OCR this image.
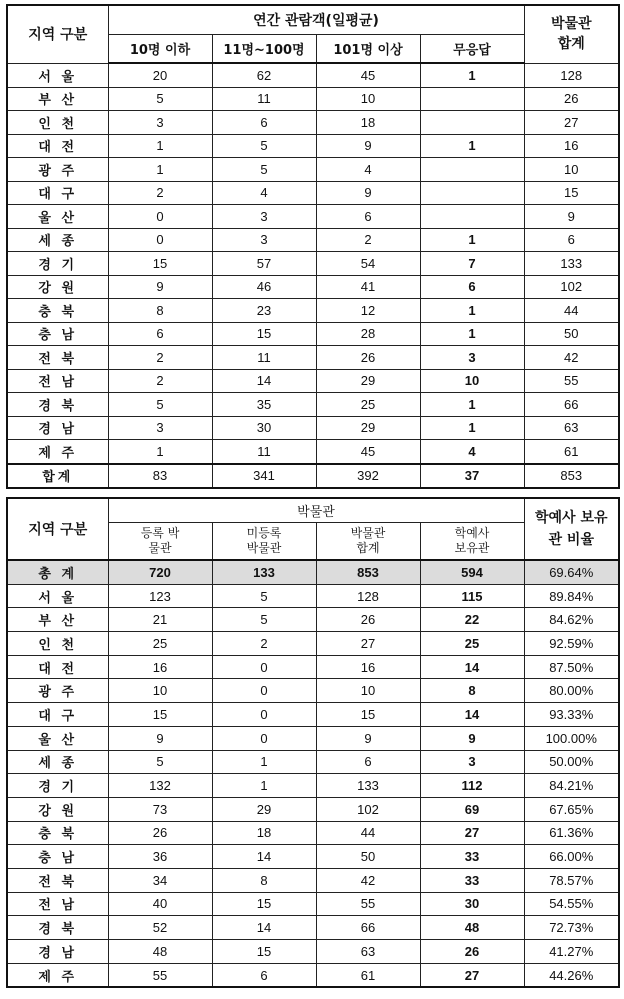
지역 구분	연간 관람객(일평균)				박물관 합계
	10명 이하	11명~100명	101명 이상	무응답	
서 울	20	62	45	1	128
부 산	5	11	10		26
인 천	3	6	18		27
대 전	1	5	9	1	16
광 주	1	5	4		10
대 구	2	4	9		15
울 산	0	3	6		9
세 종	0	3	2	1	6
경 기	15	57	54	7	133
강 원	9	46	41	6	102
충 북	8	23	12	1	44
충 남	6	15	28	1	50
전 북	2	11	26	3	42
전 남	2	14	29	10	55
경 북	5	35	25	1	66
경 남	3	30	29	1	63
제 주	1	11	45	4	61
합계	83	341	392	37	853
지역 구분	박물관				학예사 보유관 비율
	등록 박물관	미등록 박물관	박물관 합계	학예사 보유관	
총 계	720	133	853	594	69.64%
서 울	123	5	128	115	89.84%
부 산	21	5	26	22	84.62%
인 천	25	2	27	25	92.59%
대 전	16	0	16	14	87.50%
광 주	10	0	10	8	80.00%
대 구	15	0	15	14	93.33%
울 산	9	0	9	9	100.00%
세 종	5	1	6	3	50.00%
경 기	132	1	133	112	84.21%
강 원	73	29	102	69	67.65%
충 북	26	18	44	27	61.36%
충 남	36	14	50	33	66.00%
전 북	34	8	42	33	78.57%
전 남	40	15	55	30	54.55%
경 북	52	14	66	48	72.73%
경 남	48	15	63	26	41.27%
제 주	55	6	61	27	44.26%
